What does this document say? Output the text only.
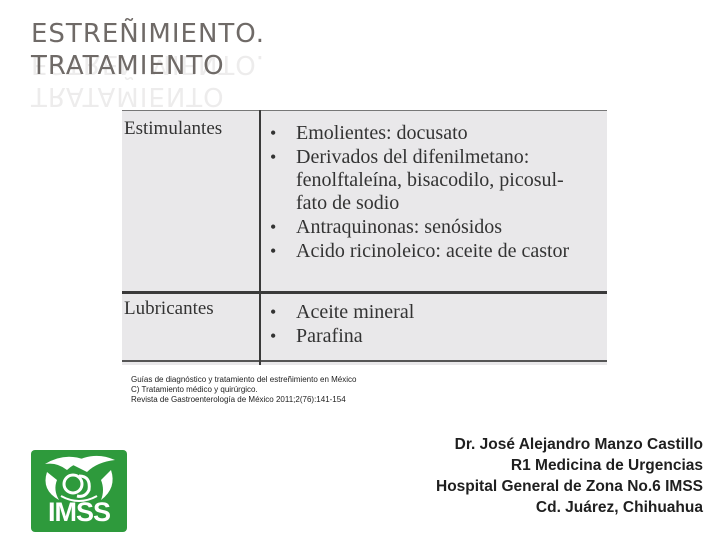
ESTREÑIMIENTO. ESTREÑIMIENTO.
TRATAMIENTO TRATAMIENTO
Estimulantes	• Emolientes: docusato
• Derivados del difenilmetano: fenolftaleína, bisacodilo, picosul-fato de sodio
• Antraquinonas: senósidos
• Acido ricinoleico: aceite de castor
Lubricantes	• Aceite mineral
• Parafina
Guías de diagnóstico y tratamiento del estreñimiento en México
C) Tratamiento médico y quirúrgico.
Revista de Gastroenterología de México 2011;2(76):141-154
IMSS
Dr. José Alejandro Manzo Castillo
R1 Medicina de Urgencias
Hospital General de Zona No.6 IMSS
Cd. Juárez, Chihuahua
